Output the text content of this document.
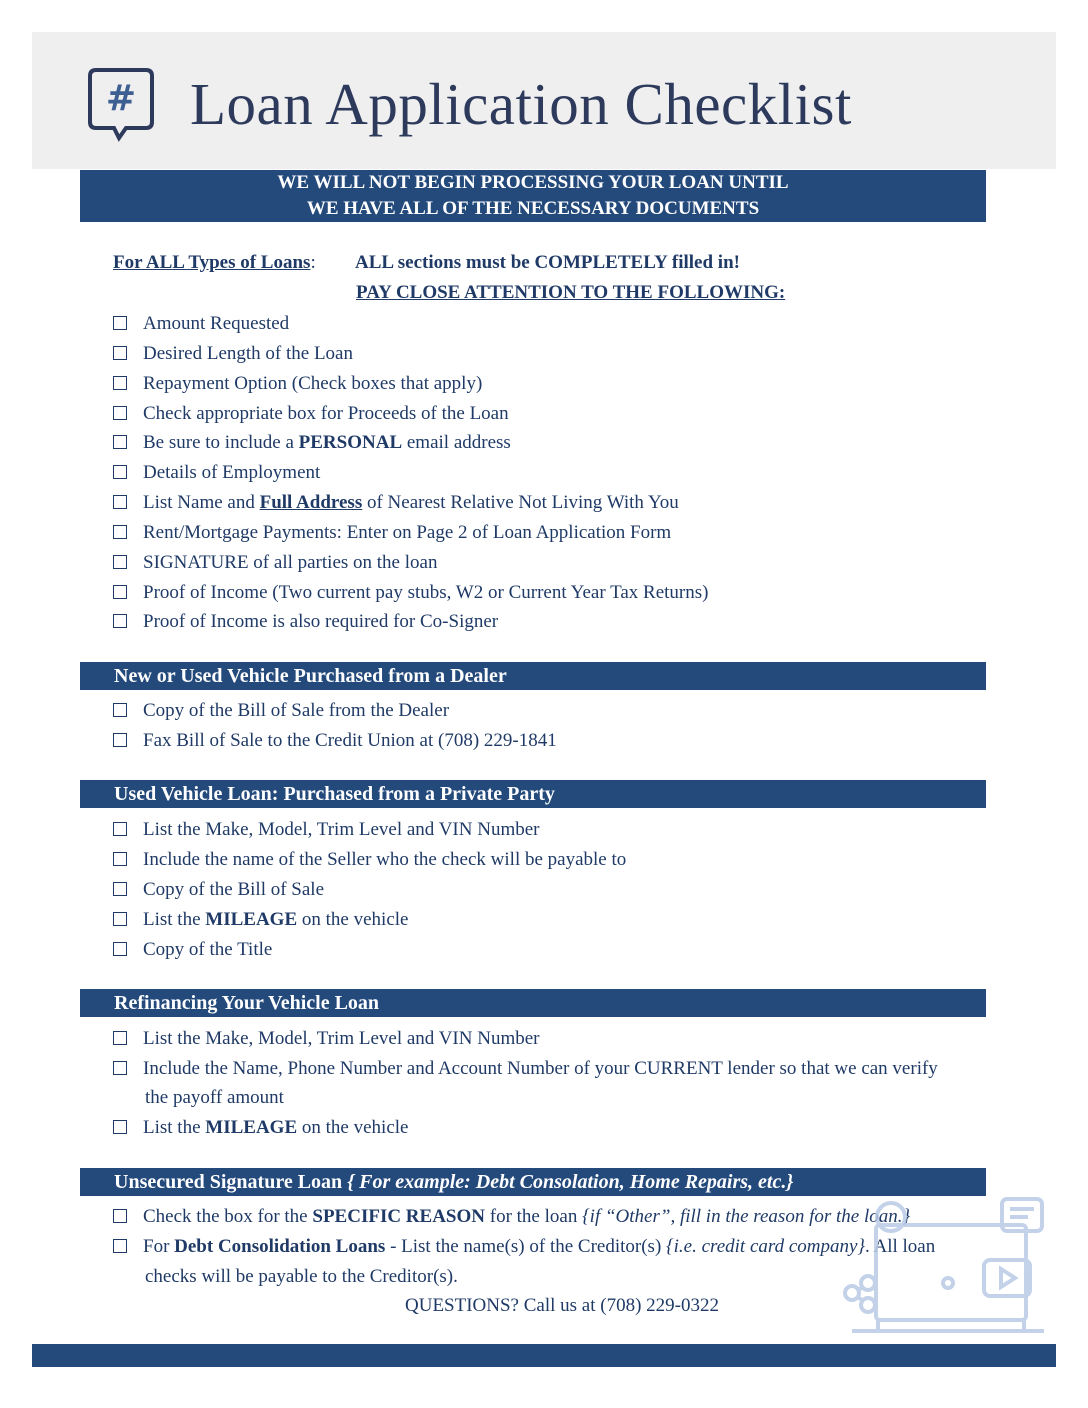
# Loan Application Checklist
WE WILL NOT BEGIN PROCESSING YOUR LOAN UNTIL
WE HAVE ALL OF THE NECESSARY DOCUMENTS
For ALL Types of Loans: ALL sections must be COMPLETELY filled in!
PAY CLOSE ATTENTION TO THE FOLLOWING:
Amount Requested
Desired Length of the Loan
Repayment Option (Check boxes that apply)
Check appropriate box for Proceeds of the Loan
Be sure to include a PERSONAL email address
Details of Employment
List Name and Full Address of Nearest Relative Not Living With You
Rent/Mortgage Payments: Enter on Page 2 of Loan Application Form
SIGNATURE of all parties on the loan
Proof of Income (Two current pay stubs, W2 or Current Year Tax Returns)
Proof of Income is also required for Co-Signer
New or Used Vehicle Purchased from a Dealer
Copy of the Bill of Sale from the Dealer
Fax Bill of Sale to the Credit Union at (708) 229-1841
Used Vehicle Loan: Purchased from a Private Party
List the Make, Model, Trim Level and VIN Number
Include the name of the Seller who the check will be payable to
Copy of the Bill of Sale
List the MILEAGE on the vehicle
Copy of the Title
Refinancing Your Vehicle Loan
List the Make, Model, Trim Level and VIN Number
Include the Name, Phone Number and Account Number of your CURRENT lender so that we can verify
the payoff amount
List the MILEAGE on the vehicle
Unsecured Signature Loan { For example: Debt Consolation, Home Repairs, etc.}
Check the box for the SPECIFIC REASON for the loan {if “Other”, fill in the reason for the loan.}
For Debt Consolidation Loans - List the name(s) of the Creditor(s) {i.e. credit card company}. All loan
checks will be payable to the Creditor(s).
QUESTIONS? Call us at (708) 229-0322
